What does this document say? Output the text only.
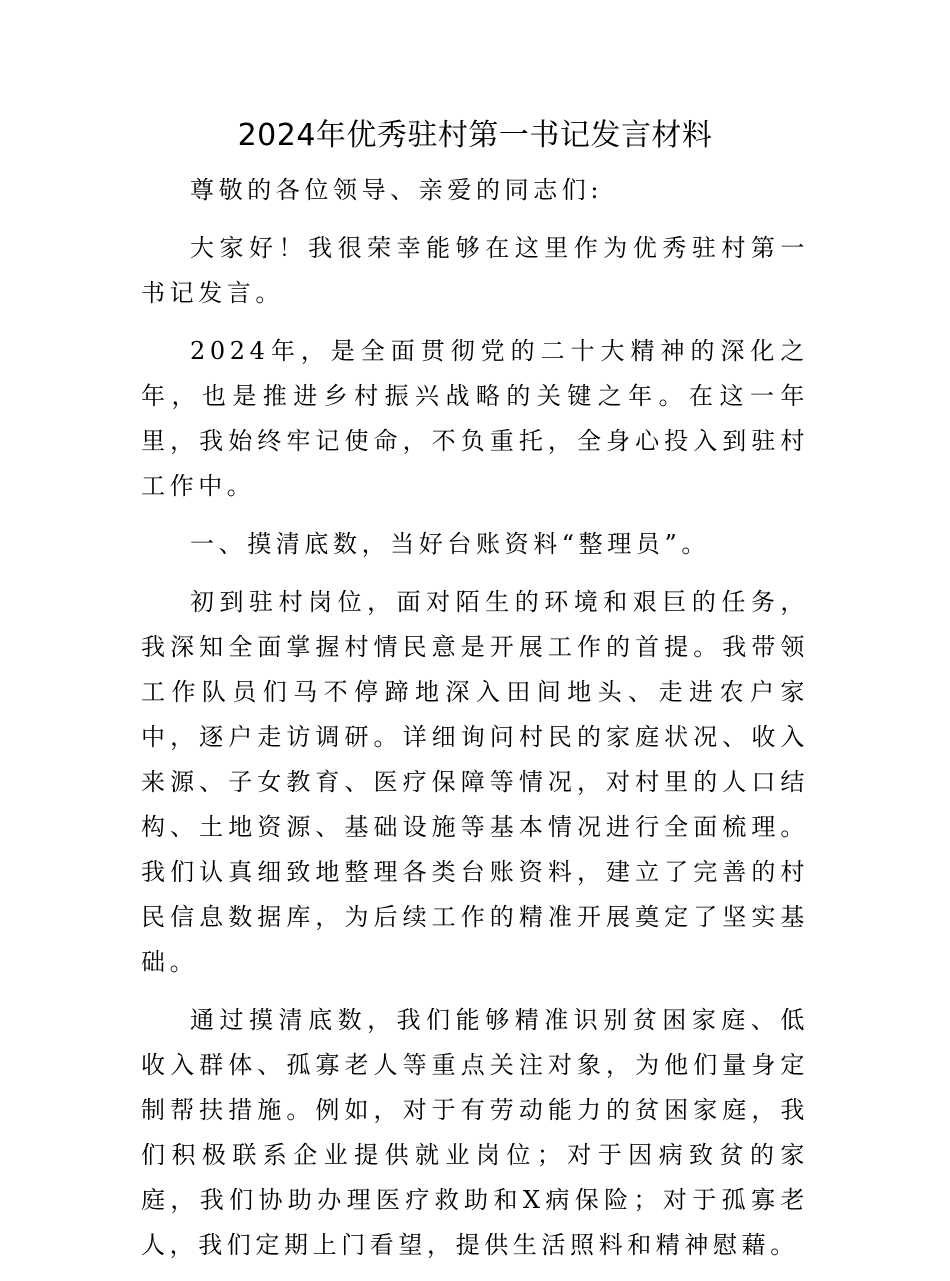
2024年优秀驻村第一书记发言材料

尊敬的各位领导、亲爱的同志们:

大家好！我很荣幸能够在这里作为优秀驻村第一书记发言。

2024年，是全面贯彻党的二十大精神的深化之年，也是推进乡村振兴战略的关键之年。在这一年里，我始终牢记使命，不负重托，全身心投入到驻村工作中。

一、摸清底数，当好台账资料“整理员”。

初到驻村岗位，面对陌生的环境和艰巨的任务，我深知全面掌握村情民意是开展工作的首提。我带领工作队员们马不停蹄地深入田间地头、走进农户家中，逐户走访调研。详细询问村民的家庭状况、收入来源、子女教育、医疗保障等情况，对村里的人口结构、土地资源、基础设施等基本情况进行全面梳理。我们认真细致地整理各类台账资料，建立了完善的村民信息数据库，为后续工作的精准开展奠定了坚实基础。

通过摸清底数，我们能够精准识别贫困家庭、低收入群体、孤寡老人等重点关注对象，为他们量身定制帮扶措施。例如，对于有劳动能力的贫困家庭，我们积极联系企业提供就业岗位；对于因病致贫的家庭，我们协助办理医疗救助和X病保险；对于孤寡老人，我们定期上门看望，提供生活照料和精神慰藉。
